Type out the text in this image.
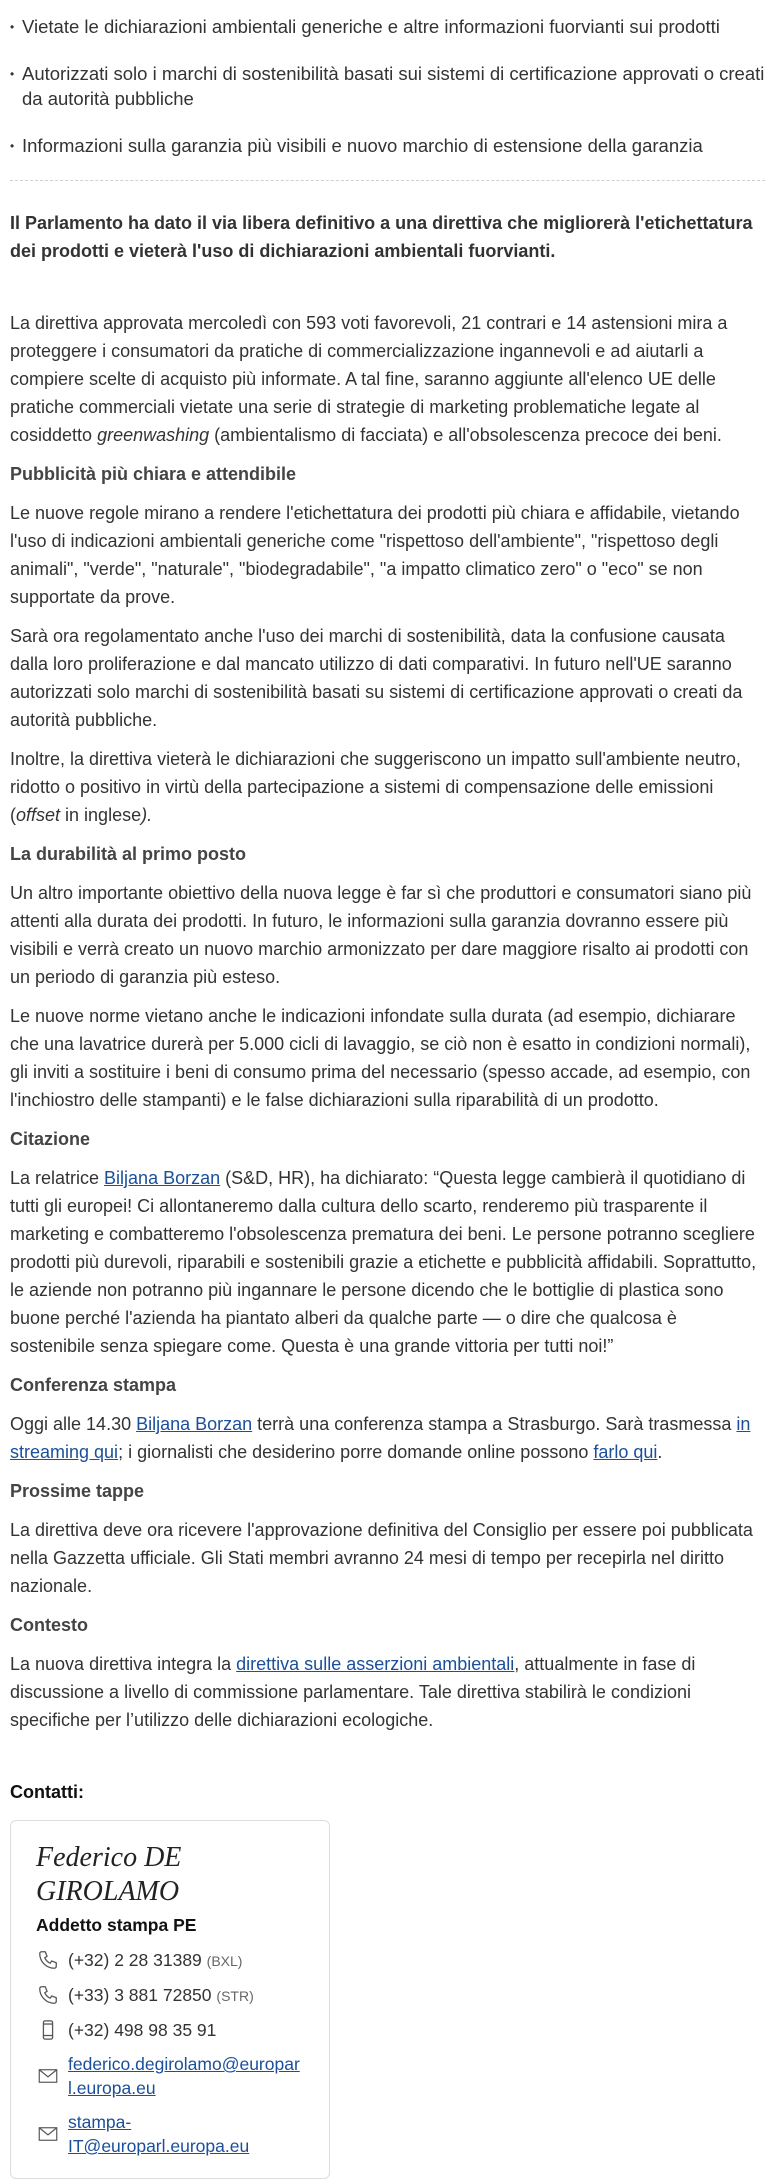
• Vietate le dichiarazioni ambientali generiche e altre informazioni fuorvianti sui prodotti
• Autorizzati solo i marchi di sostenibilità basati sui sistemi di certificazione approvati o creati da autorità pubbliche
• Informazioni sulla garanzia più visibili e nuovo marchio di estensione della garanzia

Il Parlamento ha dato il via libera definitivo a una direttiva che migliorerà l'etichettatura dei prodotti e vieterà l'uso di dichiarazioni ambientali fuorvianti.

La direttiva approvata mercoledì con 593 voti favorevoli, 21 contrari e 14 astensioni mira a proteggere i consumatori da pratiche di commercializzazione ingannevoli e ad aiutarli a compiere scelte di acquisto più informate. A tal fine, saranno aggiunte all'elenco UE delle pratiche commerciali vietate una serie di strategie di marketing problematiche legate al cosiddetto greenwashing (ambientalismo di facciata) e all'obsolescenza precoce dei beni.

Pubblicità più chiara e attendibile

Le nuove regole mirano a rendere l'etichettatura dei prodotti più chiara e affidabile, vietando l'uso di indicazioni ambientali generiche come "rispettoso dell'ambiente", "rispettoso degli animali", "verde", "naturale", "biodegradabile", "a impatto climatico zero" o "eco" se non supportate da prove.

Sarà ora regolamentato anche l'uso dei marchi di sostenibilità, data la confusione causata dalla loro proliferazione e dal mancato utilizzo di dati comparativi. In futuro nell'UE saranno autorizzati solo marchi di sostenibilità basati su sistemi di certificazione approvati o creati da autorità pubbliche.

Inoltre, la direttiva vieterà le dichiarazioni che suggeriscono un impatto sull'ambiente neutro, ridotto o positivo in virtù della partecipazione a sistemi di compensazione delle emissioni (offset in inglese).

La durabilità al primo posto

Un altro importante obiettivo della nuova legge è far sì che produttori e consumatori siano più attenti alla durata dei prodotti. In futuro, le informazioni sulla garanzia dovranno essere più visibili e verrà creato un nuovo marchio armonizzato per dare maggiore risalto ai prodotti con un periodo di garanzia più esteso.

Le nuove norme vietano anche le indicazioni infondate sulla durata (ad esempio, dichiarare che una lavatrice durerà per 5.000 cicli di lavaggio, se ciò non è esatto in condizioni normali), gli inviti a sostituire i beni di consumo prima del necessario (spesso accade, ad esempio, con l'inchiostro delle stampanti) e le false dichiarazioni sulla riparabilità di un prodotto.

Citazione

La relatrice Biljana Borzan (S&D, HR), ha dichiarato: “Questa legge cambierà il quotidiano di tutti gli europei! Ci allontaneremo dalla cultura dello scarto, renderemo più trasparente il marketing e combatteremo l'obsolescenza prematura dei beni. Le persone potranno scegliere prodotti più durevoli, riparabili e sostenibili grazie a etichette e pubblicità affidabili. Soprattutto, le aziende non potranno più ingannare le persone dicendo che le bottiglie di plastica sono buone perché l'azienda ha piantato alberi da qualche parte — o dire che qualcosa è sostenibile senza spiegare come. Questa è una grande vittoria per tutti noi!”

Conferenza stampa

Oggi alle 14.30 Biljana Borzan terrà una conferenza stampa a Strasburgo. Sarà trasmessa in streaming qui; i giornalisti che desiderino porre domande online possono farlo qui.

Prossime tappe

La direttiva deve ora ricevere l'approvazione definitiva del Consiglio per essere poi pubblicata nella Gazzetta ufficiale. Gli Stati membri avranno 24 mesi di tempo per recepirla nel diritto nazionale.

Contesto

La nuova direttiva integra la direttiva sulle asserzioni ambientali, attualmente in fase di discussione a livello di commissione parlamentare. Tale direttiva stabilirà le condizioni specifiche per l’utilizzo delle dichiarazioni ecologiche.

Contatti:
Federico DE GIROLAMO
Addetto stampa PE
(+32) 2 28 31389 (BXL)
(+33) 3 881 72850 (STR)
(+32) 498 98 35 91
federico.degirolamo@europarl.europa.eu
stampa-IT@europarl.europa.eu
